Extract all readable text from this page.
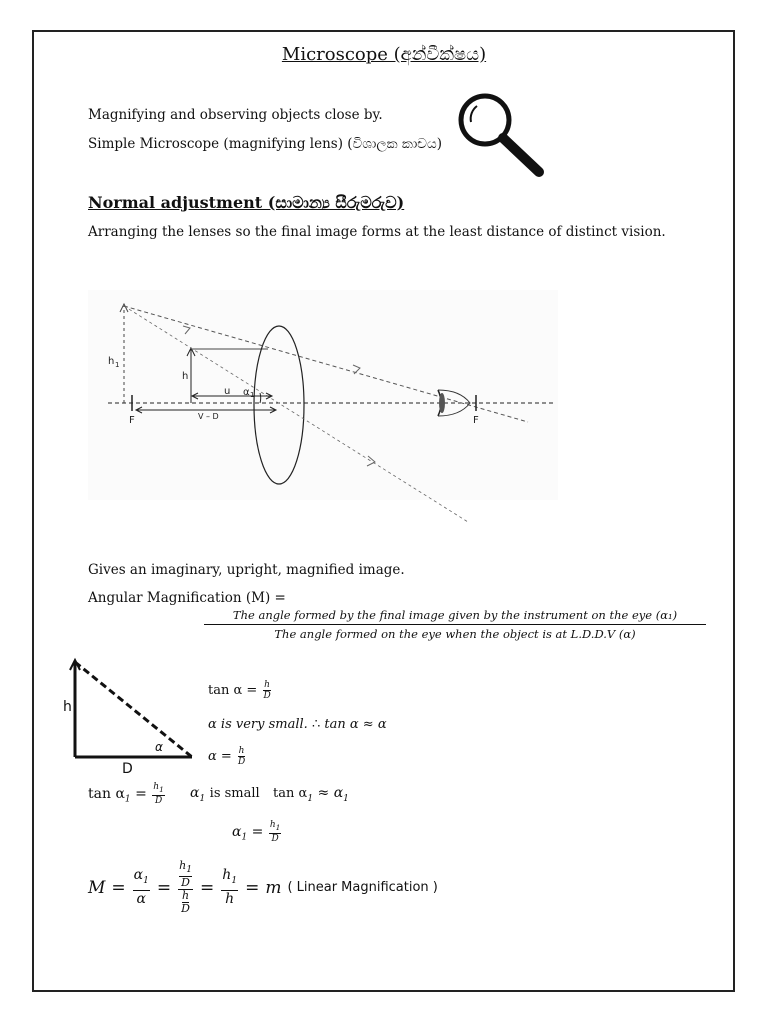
Microscope (අන්වීක්ෂය)
Magnifying and observing objects close by.
Simple Microscope (magnifying lens) (විශාලක කාචය)
Normal adjustment (සාමාන්‍ය සීරුමරුව)
Arranging the lenses so the final image forms at the least distance of distinct vision.
h 1
h
u α 1
V – D
F	F
Gives an imaginary, upright, magnified image.
Angular Magnification (M) =
The angle formed by the final image given by the instrument on the eye (α₁)
The angle formed on the eye when the object is at L.D.D.V (α)
h
D
α
$\tan \alpha = \frac{h}{D}$
α is very small. ∴ tan α ≈ α
$\alpha = \frac{h}{D}$
$\tan \alpha_1 = \frac{h_1}{D} \alpha_1$ is small $\tan \alpha_1 \approx \alpha_1$
$\alpha_1 = \frac{h_1}{D}$
$M = \frac{\alpha_1}{\alpha} = h_1$
D
h
$D = \frac{h_1}{h} = m$ ( Linear Magnification )
